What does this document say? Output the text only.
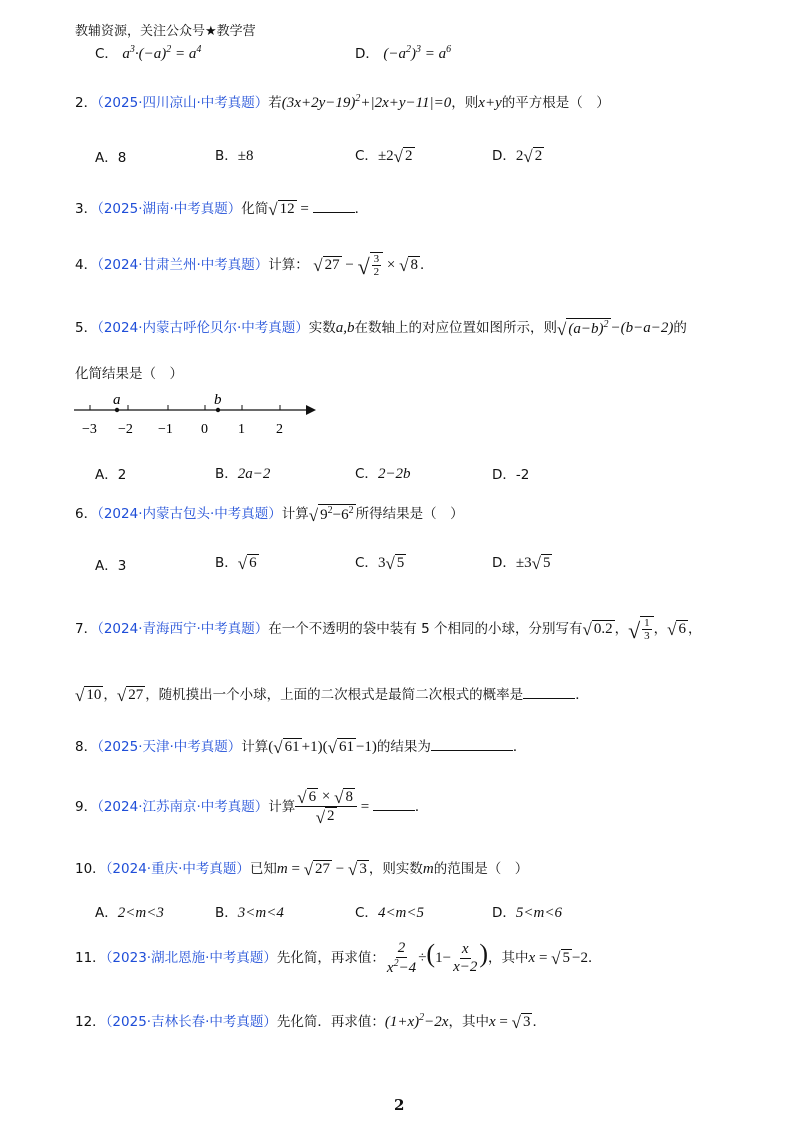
教辅资源，关注公众号★教学营
C． $a^3\cdot(-a)^2 = a^4$	D． $(-a^2)^3 = a^6$
2．（2025·四川凉山·中考真题）若$(3x+2y-19)^2+|2x+y-11|=0$，则x+y的平方根是（　）
A．8	B．±8	C．±2 √ 2	D．2 √ 2
3．（2025·湖南·中考真题）化简 √ 12 =	．
4．（2024·甘肃兰州·中考真题）计算： √ 27 − √ $\frac{3}{2}$ × √ 8 ．
5．（2024·内蒙古呼伦贝尔·中考真题）实数a,b在数轴上的对应位置如图所示，则 √ $(a-b)^2 -(b-a-2)$的
化简结果是（　）
a	b
−3 −2 −1 0 1 2
A．2	B．2a−2	C．2−2b	D．-2
6．（2024·内蒙古包头·中考真题）计算 √ $9^2-6^2$ 所得结果是（　）
A．3	B． √ 6	C．3 √ 5	D．±3 √ 5
7．（2024·青海西宁·中考真题）在一个不透明的袋中装有 5 个相同的小球，分别写有 √ 0.2 ， √ $\frac{1}{3}$ ， √ 6 ，
√ 10 ， √ 27 ，随机摸出一个小球，上面的二次根式是最简二次根式的概率是	．
8．（2025·天津·中考真题）计算( √ 61 +1)( √ 61 −1)的结果为	．
9．（2024·江苏南京·中考真题）计算 $\frac{√ 6 \times √ 8}{√ 2}$ =	．
10．（2024·重庆·中考真题）已知m = √ 27 − √ 3 ，则实数m的范围是（　）
A．2<m<3	B．3<m<4	C．4<m<5	D．5<m<6
11．（2023·湖北恩施·中考真题）先化简，再求值： $\frac{2}{x^2-4} \div(1- \frac{x}{x-2}$ )，其中x = √ 5 −2．
12．（2025·吉林长春·中考真题）先化简．再求值：$(1+x)^2-2x$，其中x = √ 3 ．
2
